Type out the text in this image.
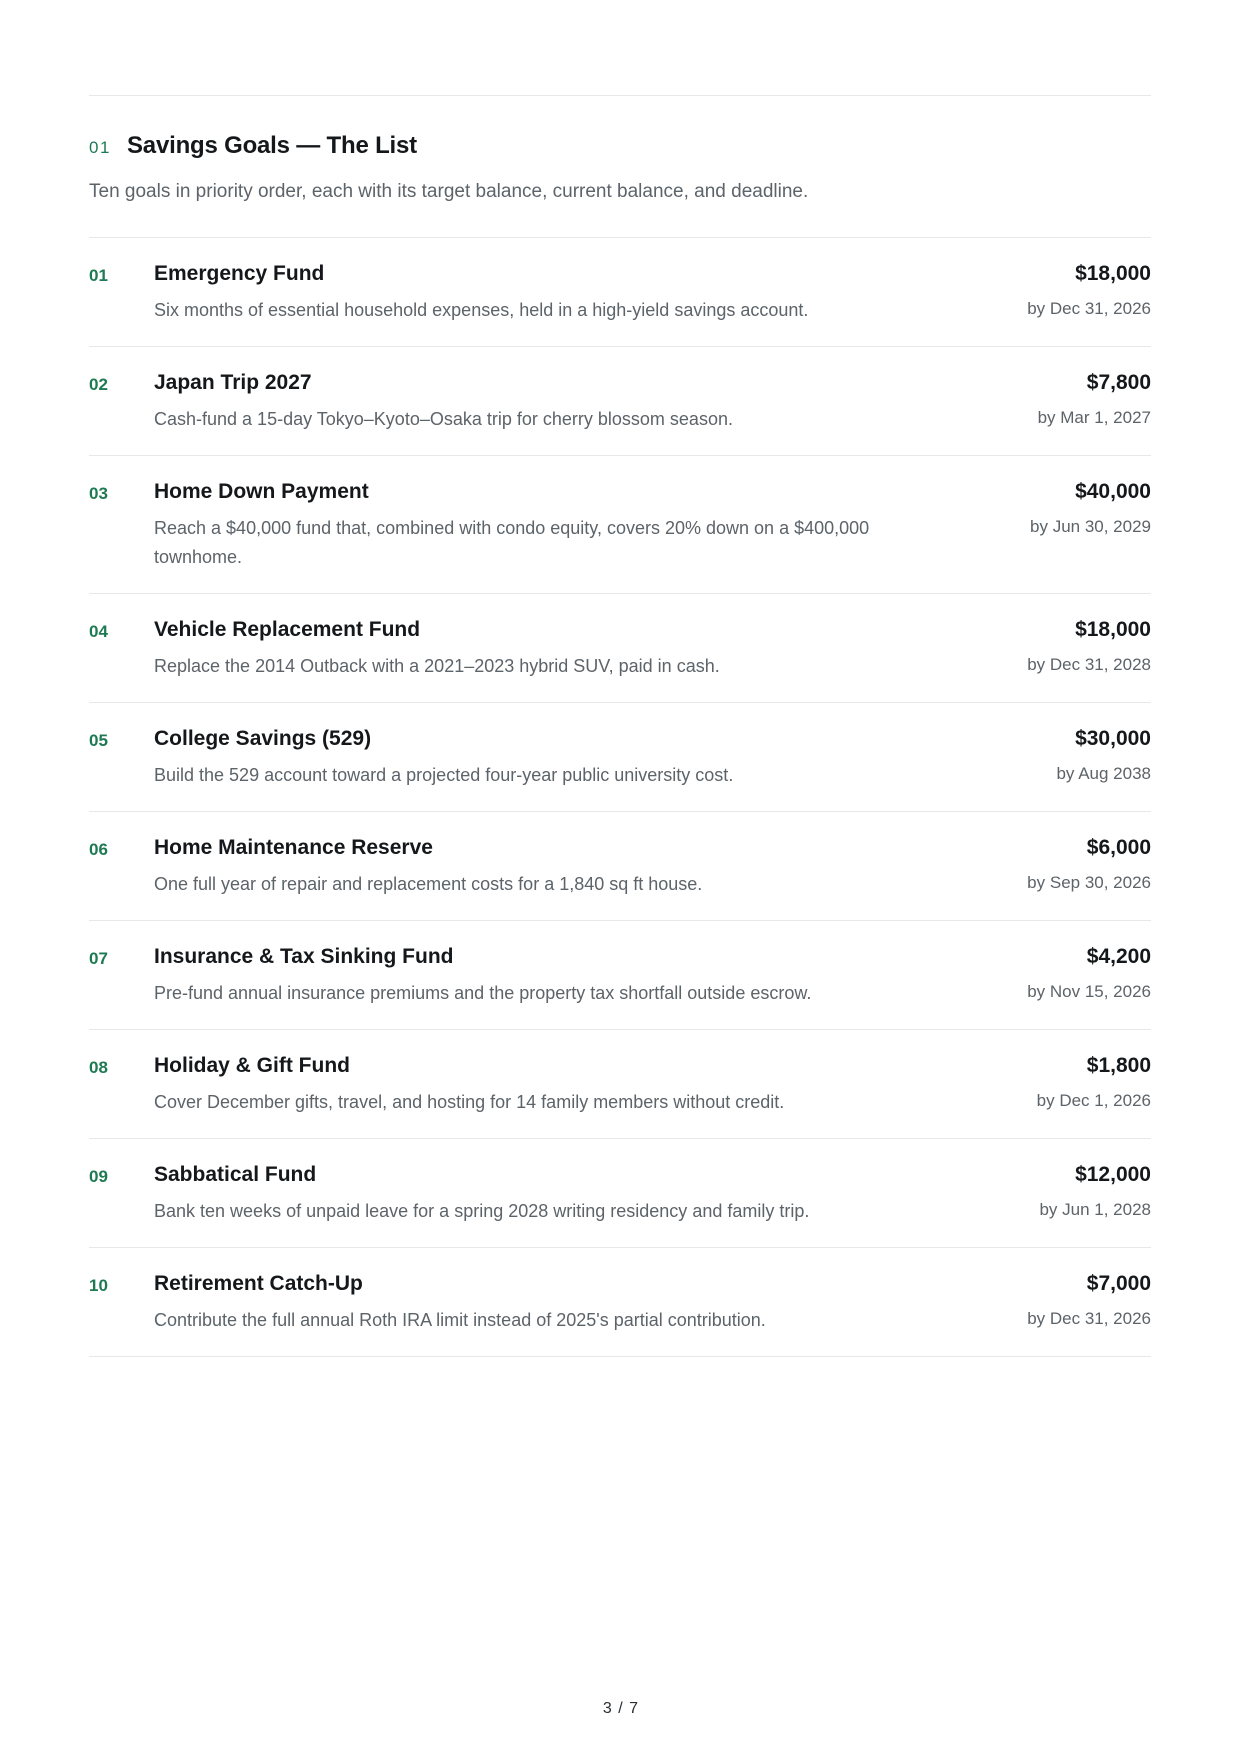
01 Savings Goals — The List
Ten goals in priority order, each with its target balance, current balance, and deadline.
01	Emergency Fund
Six months of essential household expenses, held in a high-yield savings account.
$18,000
by Dec 31, 2026
02	Japan Trip 2027
Cash-fund a 15-day Tokyo–Kyoto–Osaka trip for cherry blossom season.
$7,800
by Mar 1, 2027
03	Home Down Payment
Reach a $40,000 fund that, combined with condo equity, covers 20% down on a $400,000 townhome.
$40,000
by Jun 30, 2029
04	Vehicle Replacement Fund
Replace the 2014 Outback with a 2021–2023 hybrid SUV, paid in cash.
$18,000
by Dec 31, 2028
05	College Savings (529)
Build the 529 account toward a projected four-year public university cost.
$30,000
by Aug 2038
06	Home Maintenance Reserve
One full year of repair and replacement costs for a 1,840 sq ft house.
$6,000
by Sep 30, 2026
07	Insurance & Tax Sinking Fund
Pre-fund annual insurance premiums and the property tax shortfall outside escrow.
$4,200
by Nov 15, 2026
08	Holiday & Gift Fund
Cover December gifts, travel, and hosting for 14 family members without credit.
$1,800
by Dec 1, 2026
09	Sabbatical Fund
Bank ten weeks of unpaid leave for a spring 2028 writing residency and family trip.
$12,000
by Jun 1, 2028
10	Retirement Catch-Up
Contribute the full annual Roth IRA limit instead of 2025's partial contribution.
$7,000
by Dec 31, 2026
3 / 7
